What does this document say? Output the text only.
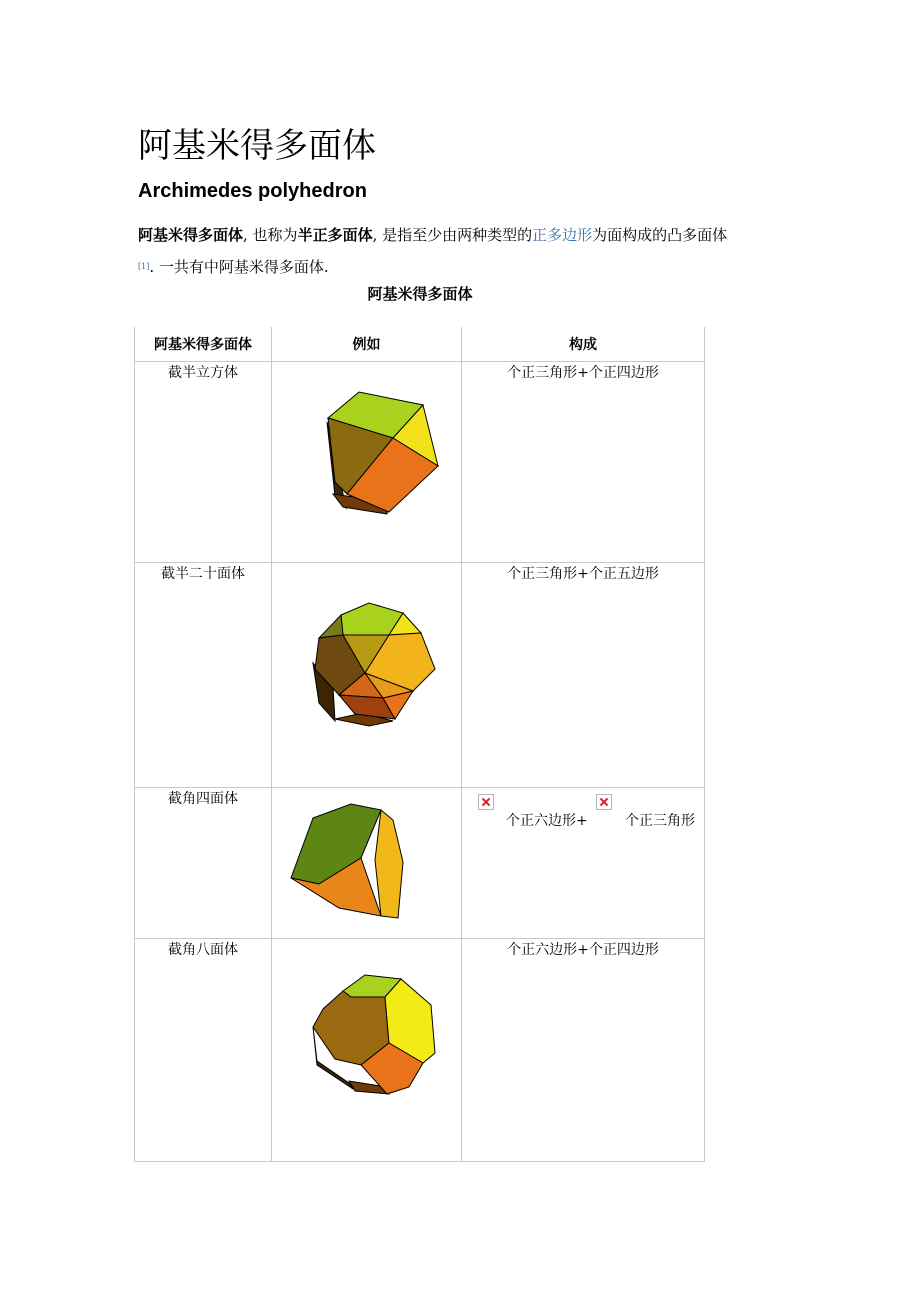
阿基米得多面体
Archimedes polyhedron

阿基米得多面体, 也称为半正多面体, 是指至少由两种类型的正多边形为面构成的凸多面体
[1]. 一共有中阿基米得多面体.

阿基米得多面体
阿基米得多面体	例如	构成
截半立方体		个正三角形+个正四边形
截半二十面体		个正三角形+个正五边形
截角四面体		个正六边形+ 个正三角形

截角八面体		个正六边形+个正四边形
